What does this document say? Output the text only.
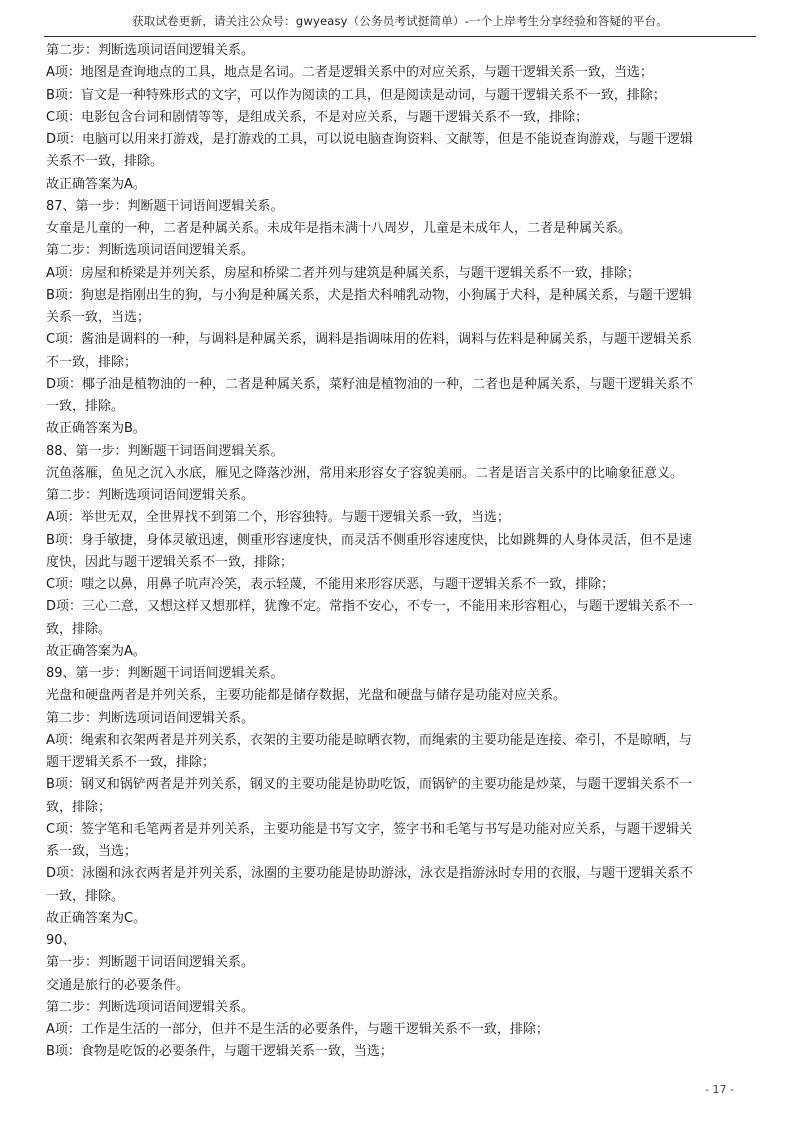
获取试卷更新，请关注公众号：gwyeasy（公务员考试挺简单）-一个上岸考生分享经验和答疑的平台。
第二步：判断选项词语间逻辑关系。
A项：地图是查询地点的工具，地点是名词。二者是逻辑关系中的对应关系，与题干逻辑关系一致，当选；
B项：盲文是一种特殊形式的文字，可以作为阅读的工具，但是阅读是动词，与题干逻辑关系不一致，排除；
C项：电影包含台词和剧情等等，是组成关系，不是对应关系，与题干逻辑关系不一致，排除；
D项：电脑可以用来打游戏，是打游戏的工具，可以说电脑查询资料、文献等，但是不能说查询游戏，与题干逻辑
关系不一致，排除。
故正确答案为A。
87、第一步：判断题干词语间逻辑关系。
女童是儿童的一种，二者是种属关系。未成年是指未满十八周岁，儿童是未成年人，二者是种属关系。
第二步：判断选项词语间逻辑关系。
A项：房屋和桥梁是并列关系，房屋和桥梁二者并列与建筑是种属关系，与题干逻辑关系不一致，排除；
B项：狗崽是指刚出生的狗，与小狗是种属关系，犬是指犬科哺乳动物，小狗属于犬科，是种属关系，与题干逻辑
关系一致，当选；
C项：酱油是调料的一种，与调料是种属关系，调料是指调味用的佐料，调料与佐料是种属关系，与题干逻辑关系
不一致，排除；
D项：椰子油是植物油的一种，二者是种属关系，菜籽油是植物油的一种，二者也是种属关系，与题干逻辑关系不
一致，排除。
故正确答案为B。
88、第一步：判断题干词语间逻辑关系。
沉鱼落雁，鱼见之沉入水底，雁见之降落沙洲，常用来形容女子容貌美丽。二者是语言关系中的比喻象征意义。
第二步：判断选项词语间逻辑关系。
A项：举世无双，全世界找不到第二个，形容独特。与题干逻辑关系一致，当选；
B项：身手敏捷，身体灵敏迅速，侧重形容速度快，而灵活不侧重形容速度快，比如跳舞的人身体灵活，但不是速
度快，因此与题干逻辑关系不一致，排除；
C项：嗤之以鼻，用鼻子吭声冷笑，表示轻蔑，不能用来形容厌恶，与题干逻辑关系不一致，排除；
D项：三心二意，又想这样又想那样，犹豫不定。常指不安心，不专一，不能用来形容粗心，与题干逻辑关系不一
致，排除。
故正确答案为A。
89、第一步：判断题干词语间逻辑关系。
光盘和硬盘两者是并列关系，主要功能都是储存数据，光盘和硬盘与储存是功能对应关系。
第二步：判断选项词语间逻辑关系。
A项：绳索和衣架两者是并列关系，衣架的主要功能是晾晒衣物，而绳索的主要功能是连接、牵引，不是晾晒，与
题干逻辑关系不一致，排除；
B项：钢叉和锅铲两者是并列关系，钢叉的主要功能是协助吃饭，而锅铲的主要功能是炒菜，与题干逻辑关系不一
致，排除；
C项：签字笔和毛笔两者是并列关系，主要功能是书写文字，签字书和毛笔与书写是功能对应关系，与题干逻辑关
系一致，当选；
D项：泳圈和泳衣两者是并列关系，泳圈的主要功能是协助游泳，泳衣是指游泳时专用的衣服，与题干逻辑关系不
一致，排除。
故正确答案为C。
90、
第一步：判断题干词语间逻辑关系。
交通是旅行的必要条件。
第二步：判断选项词语间逻辑关系。
A项：工作是生活的一部分，但并不是生活的必要条件，与题干逻辑关系不一致，排除；
B项：食物是吃饭的必要条件，与题干逻辑关系一致，当选；
- 17 -
